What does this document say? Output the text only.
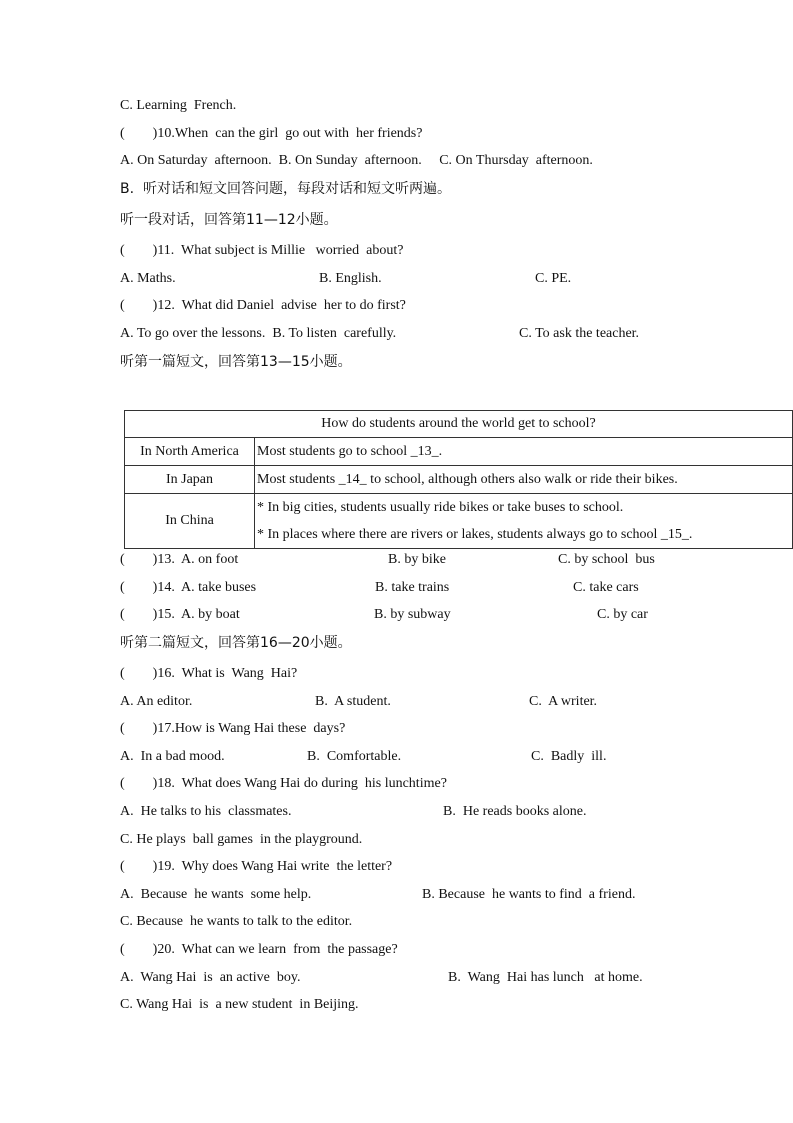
C. Learning  French.
(        )10.When  can the girl  go out with  her friends?
A. On Saturday  afternoon.  B. On Sunday  afternoon.     C. On Thursday  afternoon.
B.  听对话和短文回答问题，每段对话和短文听两遍。
听一段对话，回答第11—12小题。
(        )11.  What subject is Millie   worried  about?
A. Maths.	B. English.	C. PE.
(        )12.  What did Daniel  advise  her to do first?
A. To go over the lessons.  B. To listen  carefully.	C. To ask the teacher.
听第一篇短文，回答第13—15小题。
How do students around the world get to school?	
In North America	Most students go to school _13_.
In Japan	Most students _14_ to school, although others also walk or ride their bikes.
In China	* In big cities, students usually ride bikes or take buses to school.
* In places where there are rivers or lakes, students always go to school _15_.
(        )13.  A. on foot	B. by bike	C. by school  bus
(        )14.  A. take buses	B. take trains	C. take cars
(        )15.  A. by boat	B. by subway	C. by car
听第二篇短文，回答第16—20小题。
(        )16.  What is  Wang  Hai?
A. An editor.	B.  A student.	C.  A writer.
(        )17.How is Wang Hai these  days?
A.  In a bad mood.	B.  Comfortable.	C.  Badly  ill.
(        )18.  What does Wang Hai do during  his lunchtime?
A.  He talks to his  classmates.	B.  He reads books alone.
C. He plays  ball games  in the playground.
(        )19.  Why does Wang Hai write  the letter?
A.  Because  he wants  some help.	B. Because  he wants to find  a friend.
C. Because  he wants to talk to the editor.
(        )20.  What can we learn  from  the passage?
A.  Wang Hai  is  an active  boy.	B.  Wang  Hai has lunch   at home.
C. Wang Hai  is  a new student  in Beijing.
